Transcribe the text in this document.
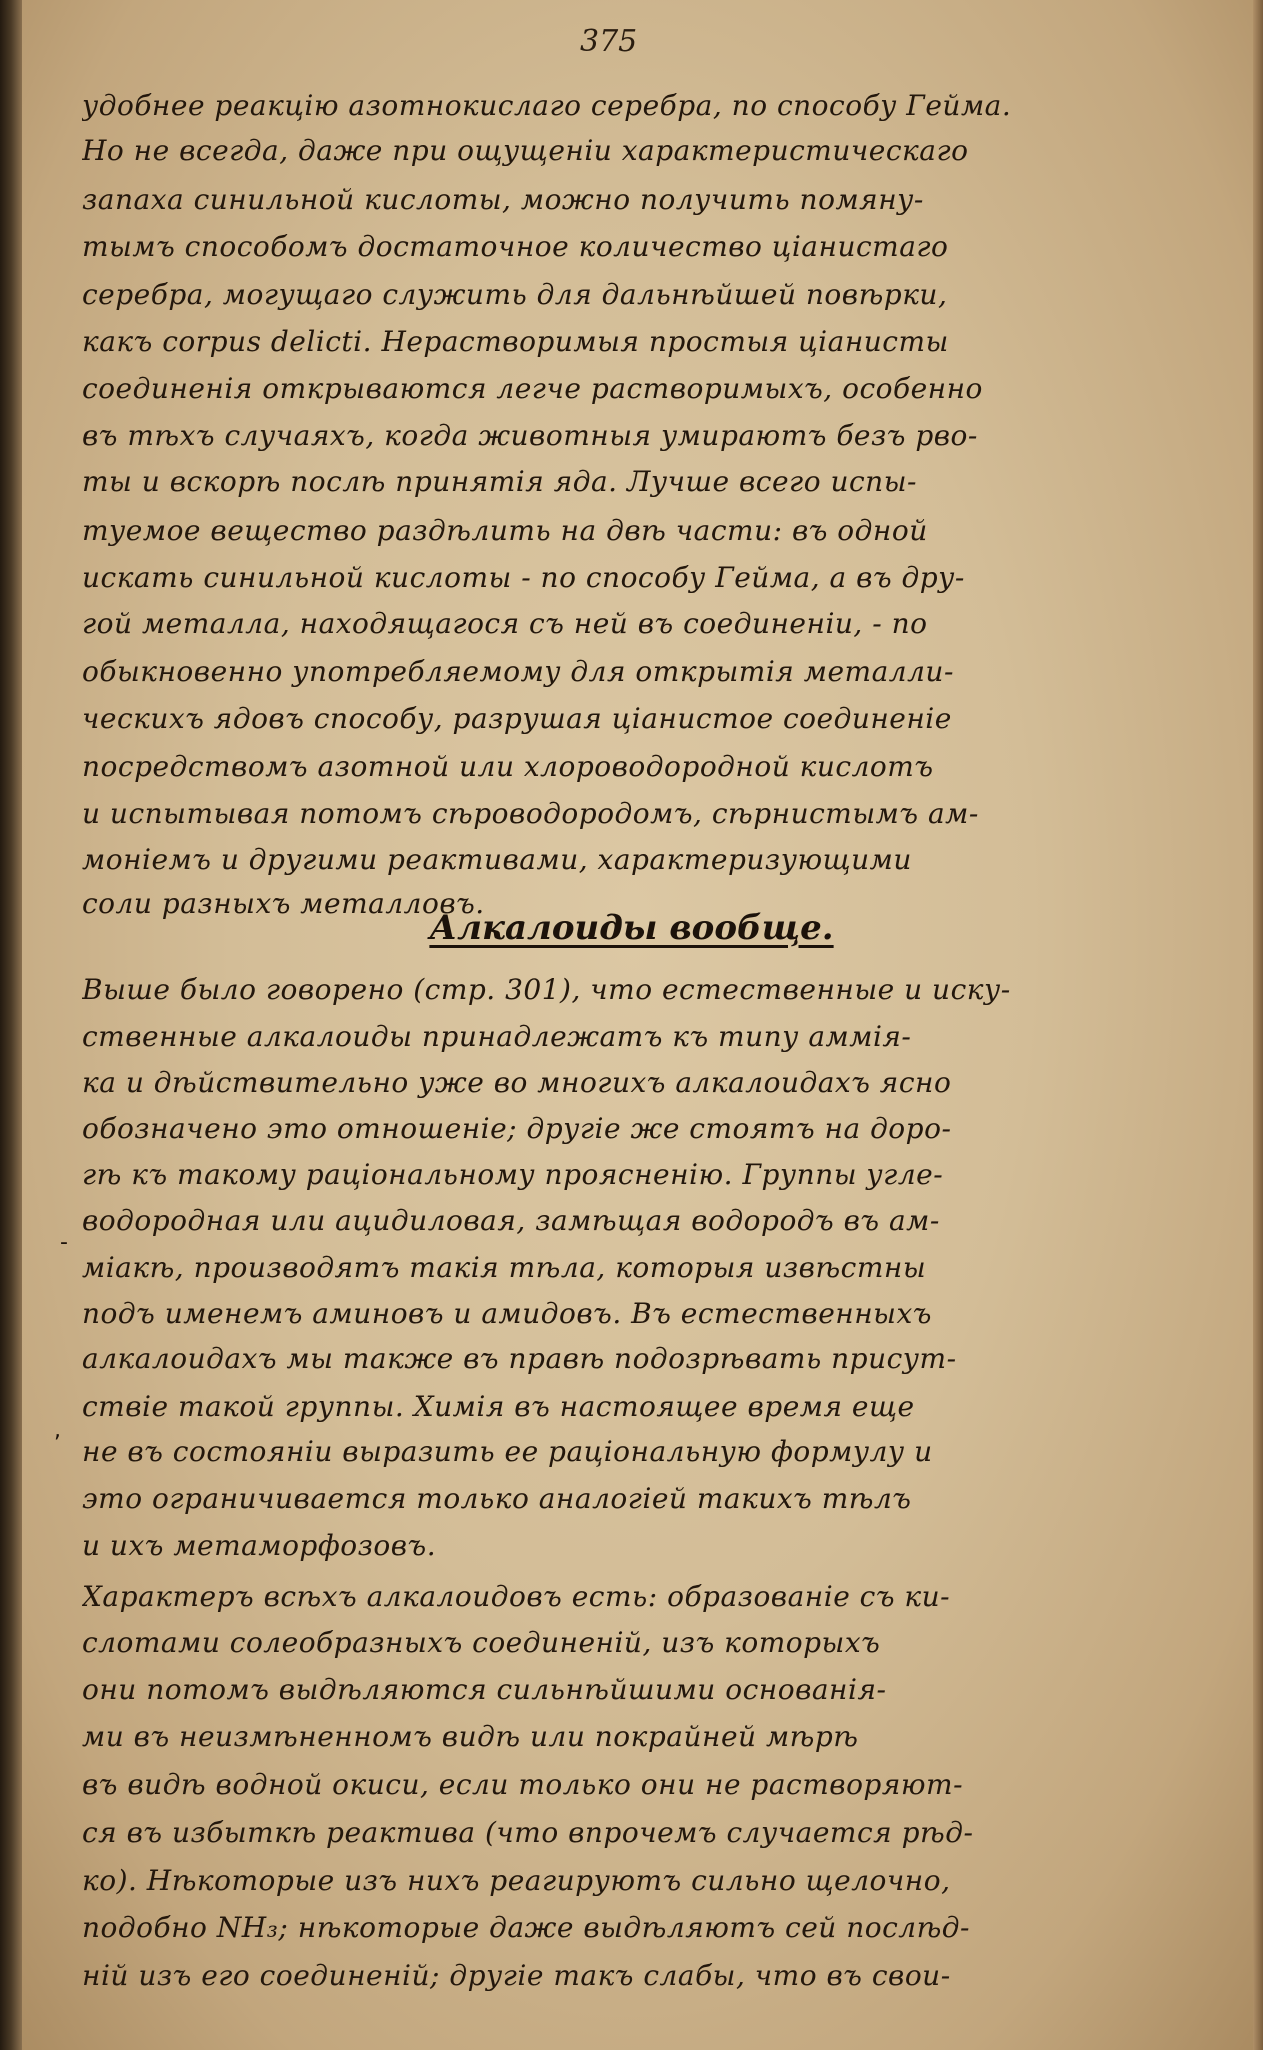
375
удобнее реакцію азотнокислаго серебра, по способу Гейма.
Но не всегда, даже при ощущеніи характеристическаго
запаха синильной кислоты, можно получить помяну-
тымъ способомъ достаточное количество ціанистаго
серебра, могущаго служить для дальнѣйшей повѣрки,
какъ corpus delicti. Нерастворимыя простыя ціанисты
соединенія открываются легче растворимыхъ, особенно
въ тѣхъ случаяхъ, когда животныя умираютъ безъ рво-
ты и вскорѣ послѣ принятія яда. Лучше всего испы-
туемое вещество раздѣлить на двѣ части: въ одной
искать синильной кислоты - по способу Гейма, а въ дру-
гой металла, находящагося съ ней въ соединеніи, - по
обыкновенно употребляемому для открытія металли-
ческихъ ядовъ способу, разрушая ціанистое соединеніе
посредствомъ азотной или хлороводородной кислотъ
и испытывая потомъ сѣроводородомъ, сѣрнистымъ ам-
моніемъ и другими реактивами, характеризующими
соли разныхъ металловъ.
Алкалоиды вообще.
Выше было говорено (стр. 301), что естественные и иску-
ственные алкалоиды принадлежатъ къ типу аммія-
ка и дѣйствительно уже во многихъ алкалоидахъ ясно
обозначено это отношеніе; другіе же стоятъ на доро-
гѣ къ такому раціональному проясненію. Группы угле-
водородная или ацидиловая, замѣщая водородъ въ ам-
міакѣ, производятъ такія тѣла, которыя извѣстны
подъ именемъ аминовъ и амидовъ. Въ естественныхъ
алкалоидахъ мы также въ правѣ подозрѣвать присут-
ствіе такой группы. Химія въ настоящее время еще
не въ состояніи выразить ее раціональную формулу и
это ограничивается только аналогіей такихъ тѣлъ
и ихъ метаморфозовъ.
Характеръ всѣхъ алкалоидовъ есть: образованіе съ ки-
слотами солеобразныхъ соединеній, изъ которыхъ
они потомъ выдѣляются сильнѣйшими основанія-
ми въ неизмѣненномъ видѣ или покрайней мѣрѣ
въ видѣ водной окиси, если только они не растворяют-
ся въ избыткѣ реактива (что впрочемъ случается рѣд-
ко). Нѣкоторые изъ нихъ реагируютъ сильно щелочно,
подобно NH₃; нѣкоторые даже выдѣляютъ сей послѣд-
ній изъ его соединеній; другіе такъ слабы, что въ свои-
‑
,
